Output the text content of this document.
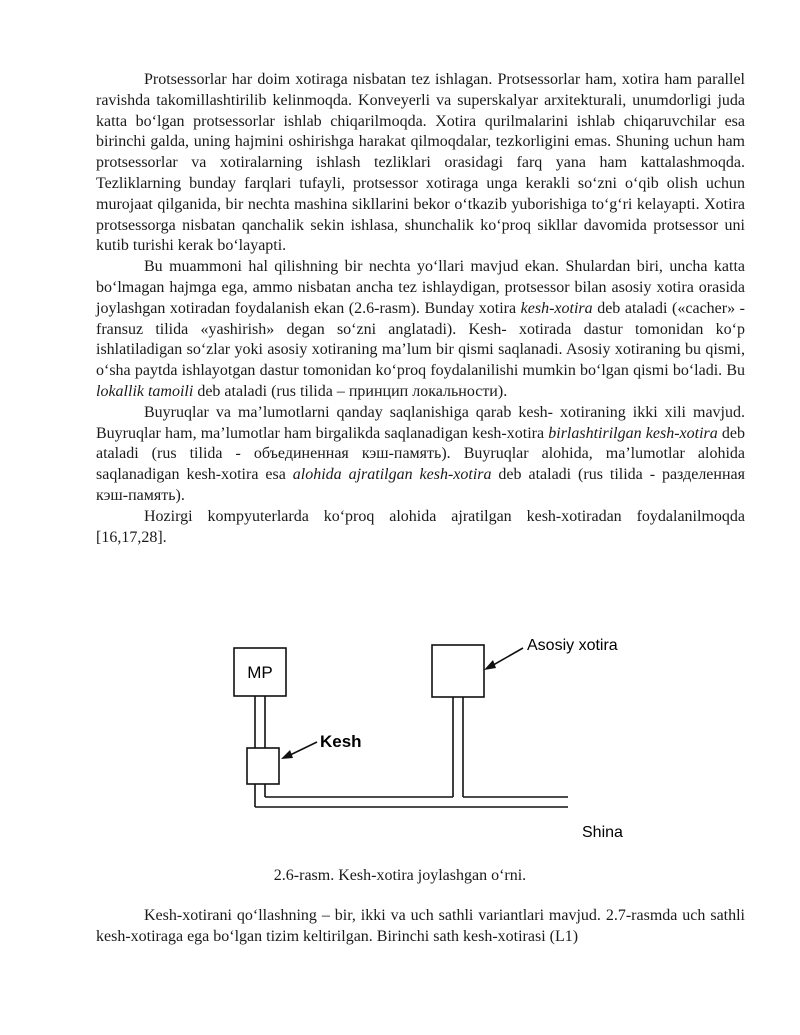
Protsessorlar har doim xotiraga nisbatan tez ishlagan. Protsessorlar ham, xotira ham parallel ravishda takomillashtirilib kelinmoqda. Konveyerli va superskalyar arxitekturali, unumdorligi juda katta bo‘lgan protsessorlar ishlab chiqarilmoqda. Xotira qurilmalarini ishlab chiqaruvchilar esa birinchi galda, uning hajmini oshirishga harakat qilmoqdalar, tezkorligini emas. Shuning uchun ham protsessorlar va xotiralarning ishlash tezliklari orasidagi farq yana ham kattalashmoqda. Tezliklarning bunday farqlari tufayli, protsessor xotiraga unga kerakli so‘zni o‘qib olish uchun murojaat qilganida, bir nechta mashina sikllarini bekor o‘tkazib yuborishiga to‘g‘ri kelayapti. Xotira protsessorga nisbatan qanchalik sekin ishlasa, shunchalik ko‘proq sikllar davomida protsessor uni kutib turishi kerak bo‘layapti.

Bu muammoni hal qilishning bir nechta yo‘llari mavjud ekan. Shulardan biri, uncha katta bo‘lmagan hajmga ega, ammo nisbatan ancha tez ishlaydigan, protsessor bilan asosiy xotira orasida joylashgan xotiradan foydalanish ekan (2.6-rasm). Bunday xotira kesh-xotira deb ataladi («cacher» - fransuz tilida «yashirish» degan so‘zni anglatadi). Kesh- xotirada dastur tomonidan ko‘p ishlatiladigan so‘zlar yoki asosiy xotiraning ma’lum bir qismi saqlanadi. Asosiy xotiraning bu qismi, o‘sha paytda ishlayotgan dastur tomonidan ko‘proq foydalanilishi mumkin bo‘lgan qismi bo‘ladi. Bu lokallik tamoili deb ataladi (rus tilida – принцип локальности).

Buyruqlar va ma’lumotlarni qanday saqlanishiga qarab kesh- xotiraning ikki xili mavjud. Buyruqlar ham, ma’lumotlar ham birgalikda saqlanadigan kesh-xotira birlashtirilgan kesh-xotira deb ataladi (rus tilida - объединенная кэш-память). Buyruqlar alohida, ma’lumotlar alohida saqlanadigan kesh-xotira esa alohida ajratilgan kesh-xotira deb ataladi (rus tilida - разделенная кэш-память).

Hozirgi kompyuterlarda ko‘proq alohida ajratilgan kesh-xotiradan foydalanilmoqda [16,17,28].

MP
Asosiy xotira
Kesh
Shina
2.6-rasm. Kesh-xotira joylashgan o‘rni.

Kesh-xotirani qo‘llashning – bir, ikki va uch sathli variantlari mavjud. 2.7-rasmda uch sathli kesh-xotiraga ega bo‘lgan tizim keltirilgan. Birinchi sath kesh-xotirasi (L1)
